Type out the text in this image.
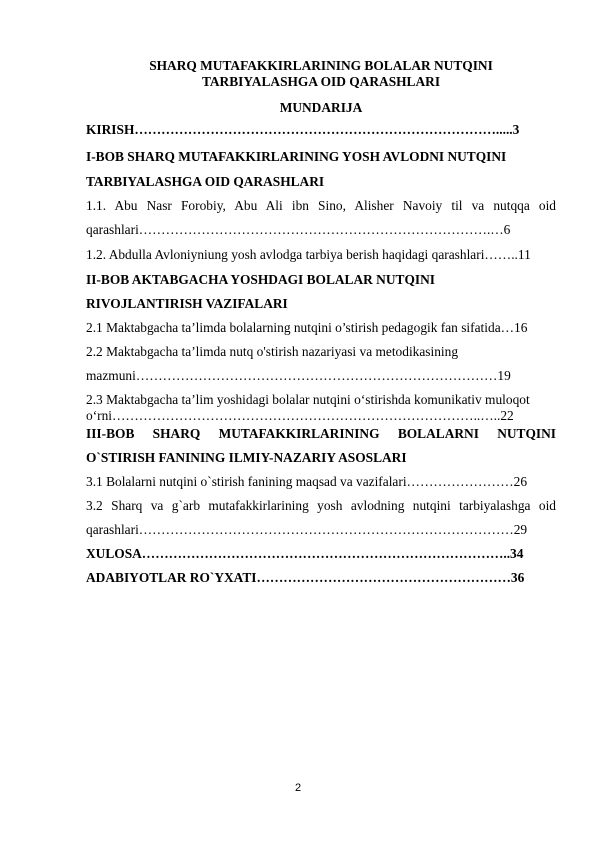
SHARQ MUTAFAKKIRLARINING BOLALAR NUTQINI
TARBIYALASHGA OID QARASHLARI
MUNDARIJA
KIRISH……………………………………………………………………….....3
I-BOB SHARQ MUTAFAKKIRLARINING YOSH AVLODNI NUTQINI
TARBIYALASHGA OID QARASHLARI
1.1. Abu Nasr Forobiy, Abu Ali ibn Sino, Alisher Navoiy til va nutqqa oid
qarashlari…………………………………………………………………….…6
1.2. Abdulla Avloniyniung yosh avlodga tarbiya berish haqidagi qarashlari……..11
II-BOB AKTABGACHA YOSHDAGI BOLALAR NUTQINI
RIVOJLANTIRISH VAZIFALARI
2.1 Maktabgacha ta’limda bolalarning nutqini o’stirish pedagogik fan sifatida…16
2.2 Maktabgacha ta’limda nutq o'stirish nazariyasi va metodikasining
mazmuni………………………………………………………………………19
2.3 Maktabgacha ta’lim yoshidagi bolalar nutqini o‘stirishda komunikativ muloqot
o‘rni………………………………………………………………………..…..22
III-BOB SHARQ MUTAFAKKIRLARINING BOLALARNI NUTQINI
O`STIRISH FANINING ILMIY-NAZARIY ASOSLARI
3.1 Bolalarni nutqini o`stirish fanining maqsad va vazifalari……………………26
3.2 Sharq va g`arb mutafakkirlarining yosh avlodning nutqini tarbiyalashga oid
qarashlari…………………………………………………………………………29
XULOSA………………………………………………………………………..34
ADABIYOTLAR RO`YXATI…………………………………………………36
2
